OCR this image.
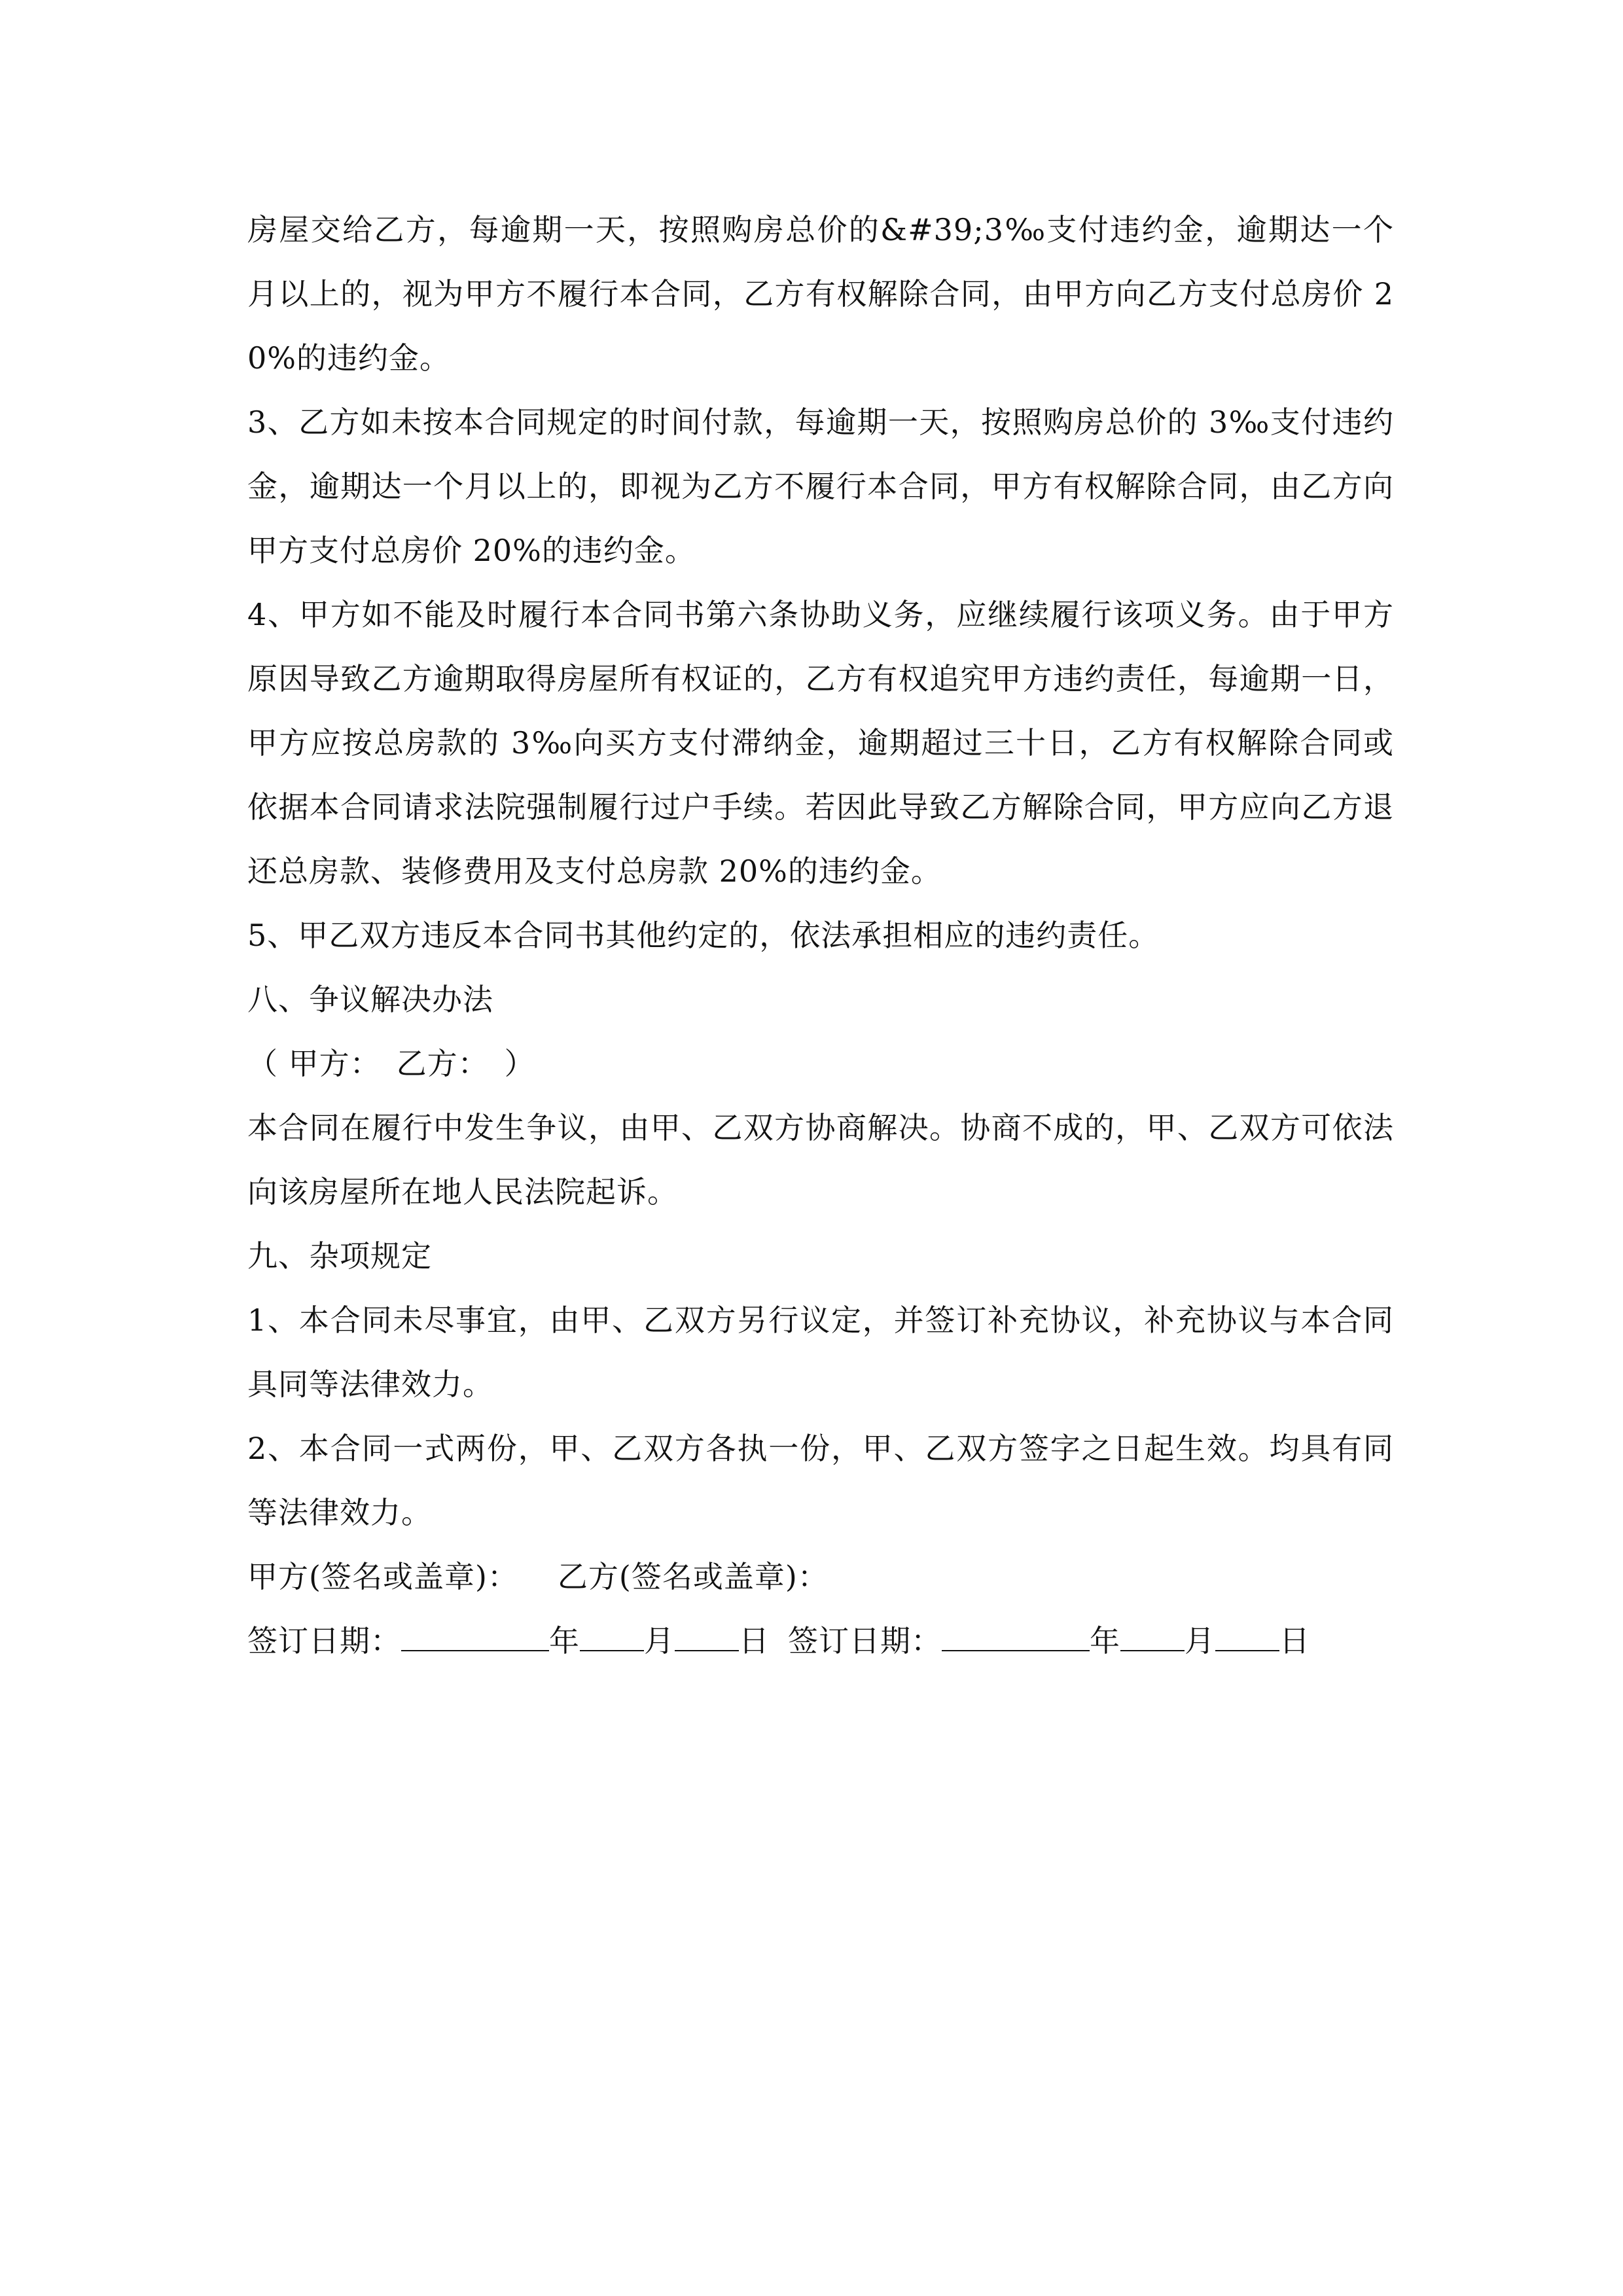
房屋交给乙方，每逾期一天，按照购房总价的&#39;3‰支付违约金，逾期达一个月以上的，视为甲方不履行本合同，乙方有权解除合同，由甲方向乙方支付总房价 20%的违约金。

3、乙方如未按本合同规定的时间付款，每逾期一天，按照购房总价的 3‰支付违约金，逾期达一个月以上的，即视为乙方不履行本合同，甲方有权解除合同，由乙方向甲方支付总房价 20%的违约金。

4、甲方如不能及时履行本合同书第六条协助义务，应继续履行该项义务。由于甲方原因导致乙方逾期取得房屋所有权证的，乙方有权追究甲方违约责任，每逾期一日，甲方应按总房款的 3‰向买方支付滞纳金，逾期超过三十日，乙方有权解除合同或依据本合同请求法院强制履行过户手续。若因此导致乙方解除合同，甲方应向乙方退还总房款、装修费用及支付总房款 20%的违约金。

5、甲乙双方违反本合同书其他约定的，依法承担相应的违约责任。

八、争议解决办法

（ 甲方：　乙方：　）

本合同在履行中发生争议，由甲、乙双方协商解决。协商不成的，甲、乙双方可依法向该房屋所在地人民法院起诉。

九、杂项规定

1、本合同未尽事宜，由甲、乙双方另行议定，并签订补充协议，补充协议与本合同具同等法律效力。

2、本合同一式两份，甲、乙双方各执一份，甲、乙双方签字之日起生效。均具有同等法律效力。

甲方(签名或盖章)： 乙方(签名或盖章)：

签订日期：	年 月 日 签订日期：	年 月 日
